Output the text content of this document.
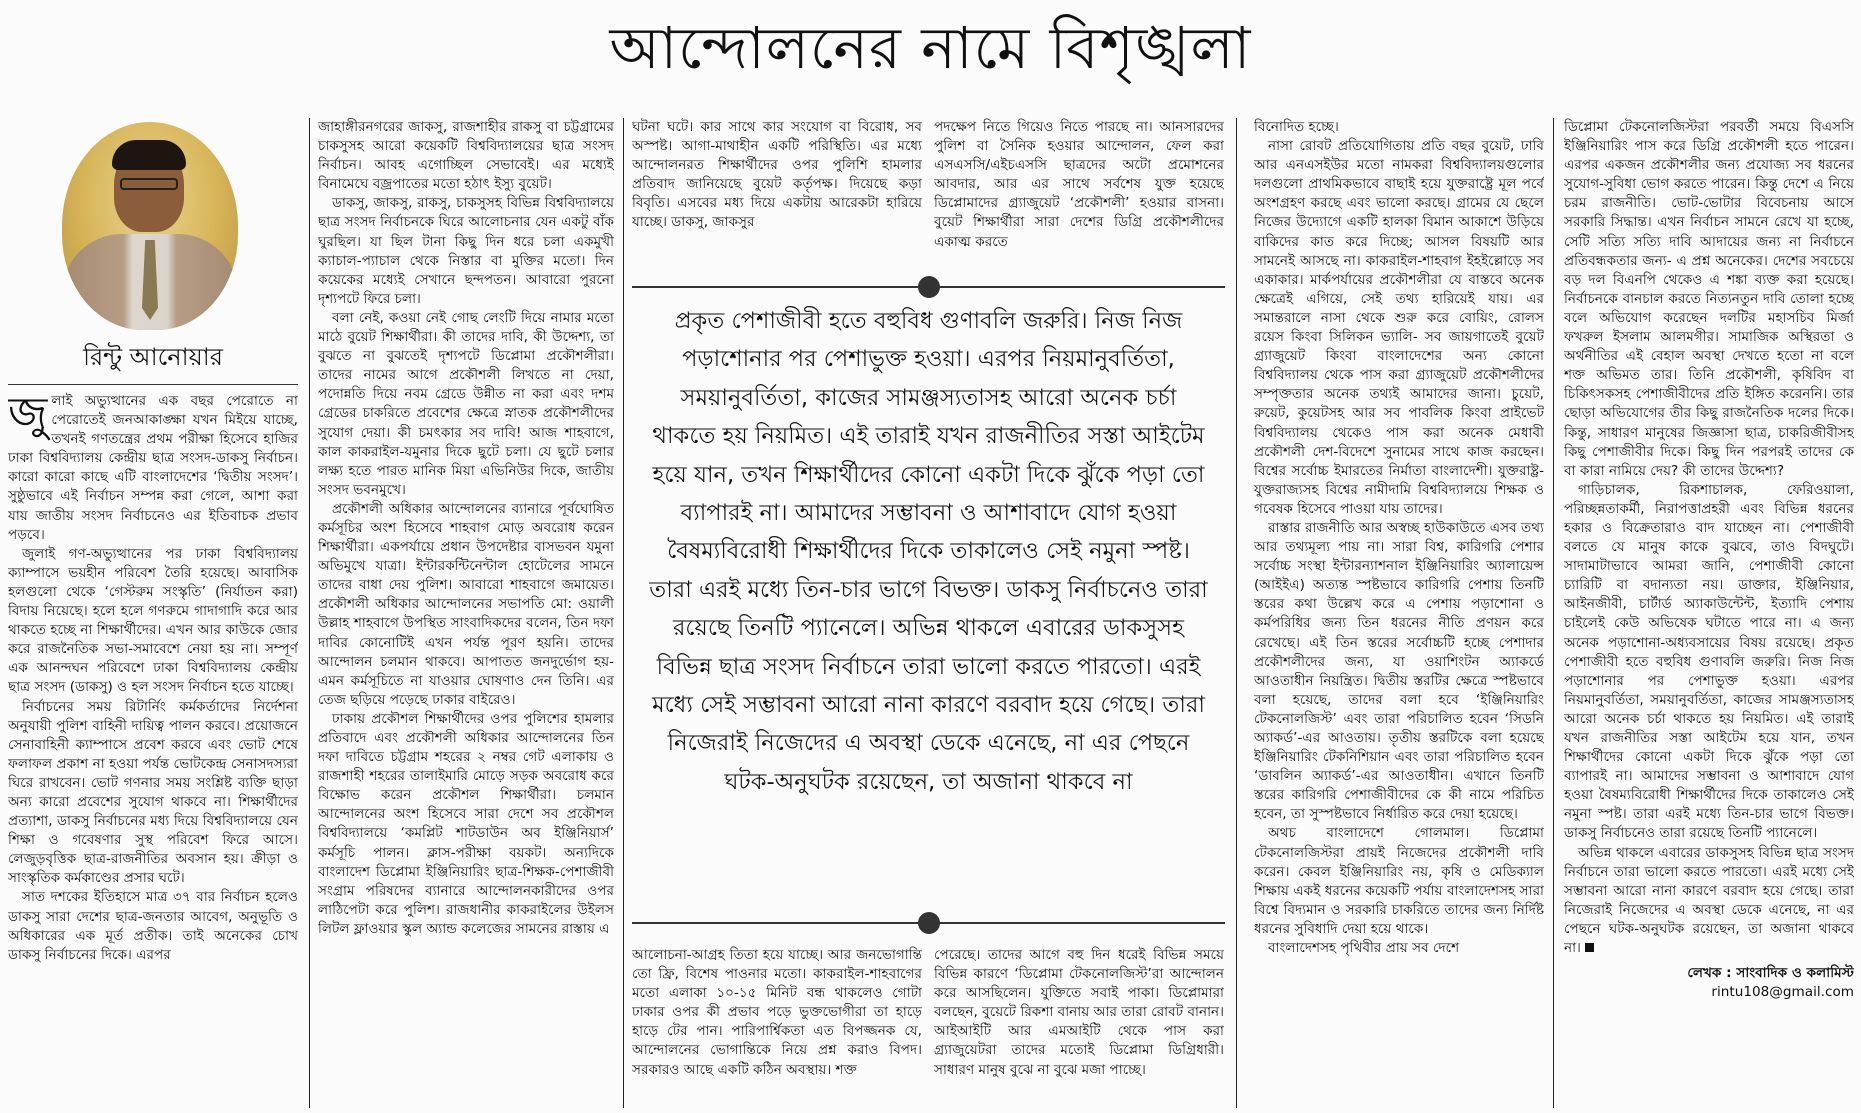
আন্দোলনের নামে বিশৃঙ্খলা
রিন্টু আনোয়ার

জুলাই অভ্যুত্থানের এক বছর পেরোতে না পেরোতেই জনআকাঙ্ক্ষা যখন মিইয়ে যাচ্ছে, তখনই গণতন্ত্রের প্রথম পরীক্ষা হিসেবে হাজির ঢাকা বিশ্ববিদ্যালয় কেন্দ্রীয় ছাত্র সংসদ-ডাকসু নির্বাচন। কারো কারো কাছে এটি বাংলাদেশের ‘দ্বিতীয় সংসদ’। সুষ্ঠুভাবে এই নির্বাচন সম্পন্ন করা গেলে, আশা করা যায় জাতীয় সংসদ নির্বাচনেও এর ইতিবাচক প্রভাব পড়বে।

জুলাই গণ-অভ্যুত্থানের পর ঢাকা বিশ্ববিদ্যালয় ক্যাম্পাসে ভয়হীন পরিবেশ তৈরি হয়েছে। আবাসিক হলগুলো থেকে ‘গেস্টরুম সংস্কৃতি’ (নির্যাতন করা) বিদায় নিয়েছে। হলে হলে গণরুমে গাদাগাদি করে আর থাকতে হচ্ছে না শিক্ষার্থীদের। এখন আর কাউকে জোর করে রাজনৈতিক সভা-সমাবেশে নেয়া হয় না। সম্পূর্ণ এক আনন্দঘন পরিবেশে ঢাকা বিশ্ববিদ্যালয় কেন্দ্রীয় ছাত্র সংসদ (ডাকসু) ও হল সংসদ নির্বাচন হতে যাচ্ছে।

নির্বাচনের সময় রিটার্নিং কর্মকর্তাদের নির্দেশনা অনুযায়ী পুলিশ বাহিনী দায়িত্ব পালন করবে। প্রয়োজনে সেনাবাহিনী ক্যাম্পাসে প্রবেশ করবে এবং ভোট শেষে ফলাফল প্রকাশ না হওয়া পর্যন্ত ভোটকেন্দ্র সেনাসদস্যরা ঘিরে রাখবেন। ভোট গণনার সময় সংশ্লিষ্ট ব্যক্তি ছাড়া অন্য কারো প্রবেশের সুযোগ থাকবে না। শিক্ষার্থীদের প্রত্যাশা, ডাকসু নির্বাচনের মধ্য দিয়ে বিশ্ববিদ্যালয়ে যেন শিক্ষা ও গবেষণার সুস্থ পরিবেশ ফিরে আসে। লেজুড়বৃত্তিক ছাত্র-রাজনীতির অবসান হয়। ক্রীড়া ও সাংস্কৃতিক কর্মকাণ্ডের প্রসার ঘটে।

সাত দশকের ইতিহাসে মাত্র ৩৭ বার নির্বাচন হলেও ডাকসু সারা দেশের ছাত্র-জনতার আবেগ, অনুভূতি ও অধিকারের এক মূর্ত প্রতীক। তাই অনেকের চোখ ডাকসু নির্বাচনের দিকে। এরপর

জাহাঙ্গীরনগরের জাকসু, রাজশাহীর রাকসু বা চট্টগ্রামের চাকসুসহ আরো কয়েকটি বিশ্ববিদ্যালয়ের ছাত্র সংসদ নির্বাচন। আবহ এগোচ্ছিল সেভাবেই। এর মধ্যেই বিনামেঘে বজ্রপাতের মতো হঠাৎ ইস্যু বুয়েট।

ডাকসু, জাকসু, রাকসু, চাকসুসহ বিভিন্ন বিশ্ববিদ্যালয়ে ছাত্র সংসদ নির্বাচনকে ঘিরে আলোচনার যেন একটু বাঁক ঘুরছিল। যা ছিল টানা কিছু দিন ধরে চলা একমুখী ক্যাচাল-প্যাচাল থেকে নিস্তার বা মুক্তির মতো। দিন কয়েকের মধ্যেই সেখানে ছন্দপতন। আবারো পুরনো দৃশ্যপটে ফিরে চলা।

বলা নেই, কওয়া নেই গোছ লেংটি দিয়ে নামার মতো মাঠে বুয়েট শিক্ষার্থীরা। কী তাদের দাবি, কী উদ্দেশ্য, তা বুঝতে না বুঝতেই দৃশ্যপটে ডিপ্লোমা প্রকৌশলীরা। তাদের নামের আগে প্রকৌশলী লিখতে না দেয়া, পদোন্নতি দিয়ে নবম গ্রেডে উন্নীত না করা এবং দশম গ্রেডের চাকরিতে প্রবেশের ক্ষেত্রে স্নাতক প্রকৌশলীদের সুযোগ দেয়া। কী চমৎকার সব দাবি! আজ শাহবাগে, কাল কাকরাইল-যমুনার দিকে ছুটে চলা। যে ছুটে চলার লক্ষ্য হতে পারত মানিক মিয়া এভিনিউর দিকে, জাতীয় সংসদ ভবনমুখে।

প্রকৌশলী অধিকার আন্দোলনের ব্যানারে পূর্বঘোষিত কর্মসূচির অংশ হিসেবে শাহবাগ মোড় অবরোধ করেন শিক্ষার্থীরা। একপর্যায়ে প্রধান উপদেষ্টার বাসভবন যমুনা অভিমুখে যাত্রা। ইন্টারকন্টিনেন্টাল হোটেলের সামনে তাদের বাধা দেয় পুলিশ। আবারো শাহবাগে জমায়েত। প্রকৌশলী অধিকার আন্দোলনের সভাপতি মো: ওয়ালী উল্লাহ শাহবাগে উপস্থিত সাংবাদিকদের বলেন, তিন দফা দাবির কোনোটিই এখন পর্যন্ত পূরণ হয়নি। তাদের আন্দোলন চলমান থাকবে। আপাতত জনদুর্ভোগ হয়- এমন কর্মসূচিতে না যাওয়ার ঘোষণাও দেন তিনি। এর তেজ ছড়িয়ে পড়েছে ঢাকার বাইরেও।

ঢাকায় প্রকৌশল শিক্ষার্থীদের ওপর পুলিশের হামলার প্রতিবাদে এবং প্রকৌশলী অধিকার আন্দোলনের তিন দফা দাবিতে চট্টগ্রাম শহরের ২ নম্বর গেট এলাকায় ও রাজশাহী শহরের তালাইমারি মোড়ে সড়ক অবরোধ করে বিক্ষোভ করেন প্রকৌশল শিক্ষার্থীরা। চলমান আন্দোলনের অংশ হিসেবে সারা দেশে সব প্রকৌশল বিশ্ববিদ্যালয়ে ‘কমপ্লিট শাটডাউন অব ইঞ্জিনিয়ার্স’ কর্মসূচি পালন। ক্লাস-পরীক্ষা বয়কট। অন্যদিকে বাংলাদেশ ডিপ্লোমা ইঞ্জিনিয়ারিং ছাত্র-শিক্ষক-পেশাজীবী সংগ্রাম পরিষদের ব্যানারে আন্দোলনকারীদের ওপর লাঠিপেটা করে পুলিশ। রাজধানীর কাকরাইলের উইলস লিটল ফ্লাওয়ার স্কুল অ্যান্ড কলেজের সামনের রাস্তায় এ

ঘটনা ঘটে। কার সাথে কার সংযোগ বা বিরোধ, সব অস্পষ্ট। আগা-মাথাহীন একটি পরিস্থিতি। এর মধ্যে আন্দোলনরত শিক্ষার্থীদের ওপর পুলিশি হামলার প্রতিবাদ জানিয়েছে বুয়েট কর্তৃপক্ষ। দিয়েছে কড়া বিবৃতি। এসবের মধ্য দিয়ে একটায় আরেকটা হারিয়ে যাচ্ছে। ডাকসু, জাকসুর

পদক্ষেপ নিতে গিয়েও নিতে পারছে না। আনসারদের পুলিশ বা সৈনিক হওয়ার আন্দোলন, ফেল করা এসএসসি/এইচএসসি ছাত্রদের অটো প্রমোশনের আবদার, আর এর সাথে সর্বশেষ যুক্ত হয়েছে ডিপ্লোমাদের গ্র্যাজুয়েট ‘প্রকৌশলী’ হওয়ার বাসনা। বুয়েট শিক্ষার্থীরা সারা দেশের ডিগ্রি প্রকৌশলীদের একাত্ম করতে

আলোচনা-আগ্রহ তিতা হয়ে যাচ্ছে। আর জনভোগান্তি তো ফ্রি, বিশেষ পাওনার মতো। কাকরাইল-শাহবাগের মতো এলাকা ১০-১৫ মিনিট বন্ধ থাকলেও গোটা ঢাকার ওপর কী প্রভাব পড়ে ভুক্তভোগীরা তা হাড়ে হাড়ে টের পান। পারিপার্শ্বিকতা এত বিপজ্জনক যে, আন্দোলনের ভোগান্তিকে নিয়ে প্রশ্ন করাও বিপদ। সরকারও আছে একটি কঠিন অবস্থায়। শক্ত

পেরেছে। তাদের আগে বহু দিন ধরেই বিভিন্ন সময়ে বিভিন্ন কারণে ‘ডিপ্লোমা টেকনোলজিস্ট’রা আন্দোলন করে আসছিলেন। যুক্তিতে সবাই পাকা। ডিপ্লোমারা বলছেন, বুয়েটে রিকশা বানায় আর তারা রোবট বানান। আইআইটি আর এমআইটি থেকে পাস করা গ্র্যাজুয়েটরা তাদের মতোই ডিপ্লোমা ডিগ্রিধারী। সাধারণ মানুষ বুঝে না বুঝে মজা পাচ্ছে।

প্রকৃত পেশাজীবী হতে বহুবিধ গুণাবলি জরুরি। নিজ নিজ পড়াশোনার পর পেশাভুক্ত হওয়া। এরপর নিয়মানুবর্তিতা, সময়ানুবর্তিতা, কাজের সামঞ্জস্যতাসহ আরো অনেক চর্চা থাকতে হয় নিয়মিত। এই তারাই যখন রাজনীতির সস্তা আইটেম হয়ে যান, তখন শিক্ষার্থীদের কোনো একটা দিকে ঝুঁকে পড়া তো ব্যাপারই না। আমাদের সম্ভাবনা ও আশাবাদে যোগ হওয়া বৈষম্যবিরোধী শিক্ষার্থীদের দিকে তাকালেও সেই নমুনা স্পষ্ট। তারা এরই মধ্যে তিন-চার ভাগে বিভক্ত। ডাকসু নির্বাচনেও তারা রয়েছে তিনটি প্যানেলে। অভিন্ন থাকলে এবারের ডাকসুসহ বিভিন্ন ছাত্র সংসদ নির্বাচনে তারা ভালো করতে পারতো। এরই মধ্যে সেই সম্ভাবনা আরো নানা কারণে বরবাদ হয়ে গেছে। তারা নিজেরাই নিজেদের এ অবস্থা ডেকে এনেছে, না এর পেছনে ঘটক-অনুঘটক রয়েছেন, তা অজানা থাকবে না

বিনোদিত হচ্ছে।

নাসা রোবট প্রতিযোগিতায় প্রতি বছর বুয়েট, ঢাবি আর এনএসইউর মতো নামকরা বিশ্ববিদ্যালয়গুলোর দলগুলো প্রাথমিকভাবে বাছাই হয়ে যুক্তরাষ্ট্রে মূল পর্বে অংশগ্রহণ করছে এবং ভালো করছে। গ্রামের যে ছেলে নিজের উদ্যোগে একটি হালকা বিমান আকাশে উড়িয়ে বাকিদের কাত করে দিচ্ছে; আসল বিষয়টি আর সামনেই আসছে না। কাকরাইল-শাহবাগ ইহইল্লোড়ে সব একাকার। মার্কপর্যায়ের প্রকৌশলীরা যে বাস্তবে অনেক ক্ষেত্রেই এগিয়ে, সেই তথ্য হারিয়েই যায়। এর সমান্তরালে নাসা থেকে শুরু করে বোয়িং, রোলস রয়েস কিংবা সিলিকন ভ্যালি- সব জায়গাতেই বুয়েট গ্র্যাজুয়েট কিংবা বাংলাদেশের অন্য কোনো বিশ্ববিদ্যালয় থেকে পাস করা গ্র্যাজুয়েট প্রকৌশলীদের সম্পৃক্ততার অনেক তথ্যই আমাদের জানা। চুয়েট, রুয়েট, কুয়েটসহ আর সব পাবলিক কিংবা প্রাইভেট বিশ্ববিদ্যালয় থেকেও পাস করা অনেক মেধাবী প্রকৌশলী দেশ-বিদেশে সুনামের সাথে কাজ করছেন। বিশ্বের সর্বোচ্চ ইমারতের নির্মাতা বাংলাদেশী। যুক্তরাষ্ট্র-যুক্তরাজ্যসহ বিশ্বের নামীদামি বিশ্ববিদ্যালয়ে শিক্ষক ও গবেষক হিসেবে পাওয়া যায় তাদের।

রাস্তার রাজনীতি আর অস্বচ্ছ হাউকাউতে এসব তথ্য আর তথ্যমূল্য পায় না। সারা বিশ্ব, কারিগরি পেশার সর্বোচ্চ সংস্থা ইন্টারন্যাশনাল ইঞ্জিনিয়ারিং অ্যালায়েন্স (আইইএ) অত্যন্ত স্পষ্টভাবে কারিগরি পেশায় তিনটি স্তরের কথা উল্লেখ করে এ পেশায় পড়াশোনা ও কর্মপরিধির জন্য তিন ধরনের নীতি প্রণয়ন করে রেখেছে। এই তিন স্তরের সর্বোচ্চটি হচ্ছে পেশাদার প্রকৌশলীদের জন্য, যা ওয়াশিংটন অ্যাকর্ডে আওতাধীন নিয়ন্ত্রিত। দ্বিতীয় স্তরটির ক্ষেত্রে স্পষ্টভাবে বলা হয়েছে, তাদের বলা হবে ‘ইঞ্জিনিয়ারিং টেকনোলজিস্ট’ এবং তারা পরিচালিত হবেন ‘সিডনি অ্যাকর্ড’-এর আওতায়। তৃতীয় স্তরটিকে বলা হয়েছে ইঞ্জিনিয়ারিং টেকনিশিয়ান এবং তারা পরিচালিত হবেন ‘ডাবলিন অ্যাকর্ড’-এর আওতাধীন। এখানে তিনটি স্তরের কারিগরি পেশাজীবীদের কে কী নামে পরিচিত হবেন, তা সুস্পষ্টভাবে নির্ধারিত করে দেয়া হয়েছে।

অথচ বাংলাদেশে গোলমাল। ডিপ্লোমা টেকনোলজিস্টরা প্রায়ই নিজেদের প্রকৌশলী দাবি করেন। কেবল ইঞ্জিনিয়ারিং নয়, কৃষি ও মেডিক্যাল শিক্ষায় একই ধরনের কয়েকটি পর্যায় বাংলাদেশসহ সারা বিশ্বে বিদ্যমান ও সরকারি চাকরিতে তাদের জন্য নির্দিষ্ট ধরনের সুবিধাদি দেয়া হয়ে থাকে।

বাংলাদেশসহ পৃথিবীর প্রায় সব দেশে

ডিপ্লোমা টেকনোলজিস্টরা পরবর্তী সময়ে বিএসসি ইঞ্জিনিয়ারিং পাস করে ডিগ্রি প্রকৌশলী হতে পারেন। এরপর একজন প্রকৌশলীর জন্য প্রযোজ্য সব ধরনের সুযোগ-সুবিধা ভোগ করতে পারেন। কিন্তু দেশে এ নিয়ে চরম রাজনীতি। ভোট-ভোটার বিবেচনায় আসে সরকারি সিদ্ধান্ত। এখন নির্বাচন সামনে রেখে যা হচ্ছে, সেটি সত্যি সত্যি দাবি আদায়ের জন্য না নির্বাচনে প্রতিবন্ধকতার জন্য- এ প্রশ্ন অনেকের। দেশের সবচেয়ে বড় দল বিএনপি থেকেও এ শঙ্কা ব্যক্ত করা হয়েছে। নির্বাচনকে বানচাল করতে নিত্যনতুন দাবি তোলা হচ্ছে বলে অভিযোগ করেছেন দলটির মহাসচিব মির্জা ফখরুল ইসলাম আলমগীর। সামাজিক অস্থিরতা ও অর্থনীতির এই বেহাল অবস্থা দেখতে হতো না বলে শক্ত অভিমত তার। তিনি প্রকৌশলী, কৃষিবিদ বা চিকিৎসকসহ পেশাজীবীদের প্রতি ইঙ্গিত করেননি। তার ছোড়া অভিযোগের তীর কিছু রাজনৈতিক দলের দিকে। কিন্তু, সাধারণ মানুষের জিজ্ঞাসা ছাত্র, চাকরিজীবীসহ কিছু পেশাজীবীর দিকে। কিছু দিন পরপরই তাদের কে বা কারা নামিয়ে দেয়? কী তাদের উদ্দেশ্য?

গাড়িচালক, রিকশাচালক, ফেরিওয়ালা, পরিচ্ছন্নতাকর্মী, নিরাপত্তাপ্রহরী এবং বিভিন্ন ধরনের হকার ও বিক্রেতারাও বাদ যাচ্ছেন না। পেশাজীবী বলতে যে মানুষ কাকে বুঝবে, তাও বিদঘুটে। সাদামাটাভাবে আমরা জানি, পেশাজীবী কোনো চ্যারিটি বা বদান্যতা নয়। ডাক্তার, ইঞ্জিনিয়ার, আইনজীবী, চার্টার্ড অ্যাকাউন্টেন্ট, ইত্যাদি পেশায় চাইলেই কেউ অভিষেক ঘটাতে পারে না। এ জন্য অনেক পড়াশোনা-অধ্যবসায়ের বিষয় রয়েছে। প্রকৃত পেশাজীবী হতে বহুবিধ গুণাবলি জরুরি। নিজ নিজ পড়াশোনার পর পেশাভুক্ত হওয়া। এরপর নিয়মানুবর্তিতা, সময়ানুবর্তিতা, কাজের সামঞ্জস্যতাসহ আরো অনেক চর্চা থাকতে হয় নিয়মিত। এই তারাই যখন রাজনীতির সস্তা আইটেম হয়ে যান, তখন শিক্ষার্থীদের কোনো একটা দিকে ঝুঁকে পড়া তো ব্যাপারই না। আমাদের সম্ভাবনা ও আশাবাদে যোগ হওয়া বৈষম্যবিরোধী শিক্ষার্থীদের দিকে তাকালেও সেই নমুনা স্পষ্ট। তারা এরই মধ্যে তিন-চার ভাগে বিভক্ত। ডাকসু নির্বাচনেও তারা রয়েছে তিনটি প্যানেলে।

অভিন্ন থাকলে এবারের ডাকসুসহ বিভিন্ন ছাত্র সংসদ নির্বাচনে তারা ভালো করতে পারতো। এরই মধ্যে সেই সম্ভাবনা আরো নানা কারণে বরবাদ হয়ে গেছে। তারা নিজেরাই নিজেদের এ অবস্থা ডেকে এনেছে, না এর পেছনে ঘটক-অনুঘটক রয়েছেন, তা অজানা থাকবে না।

লেখক : সাংবাদিক ও কলামিস্ট
rintu108@gmail.com
